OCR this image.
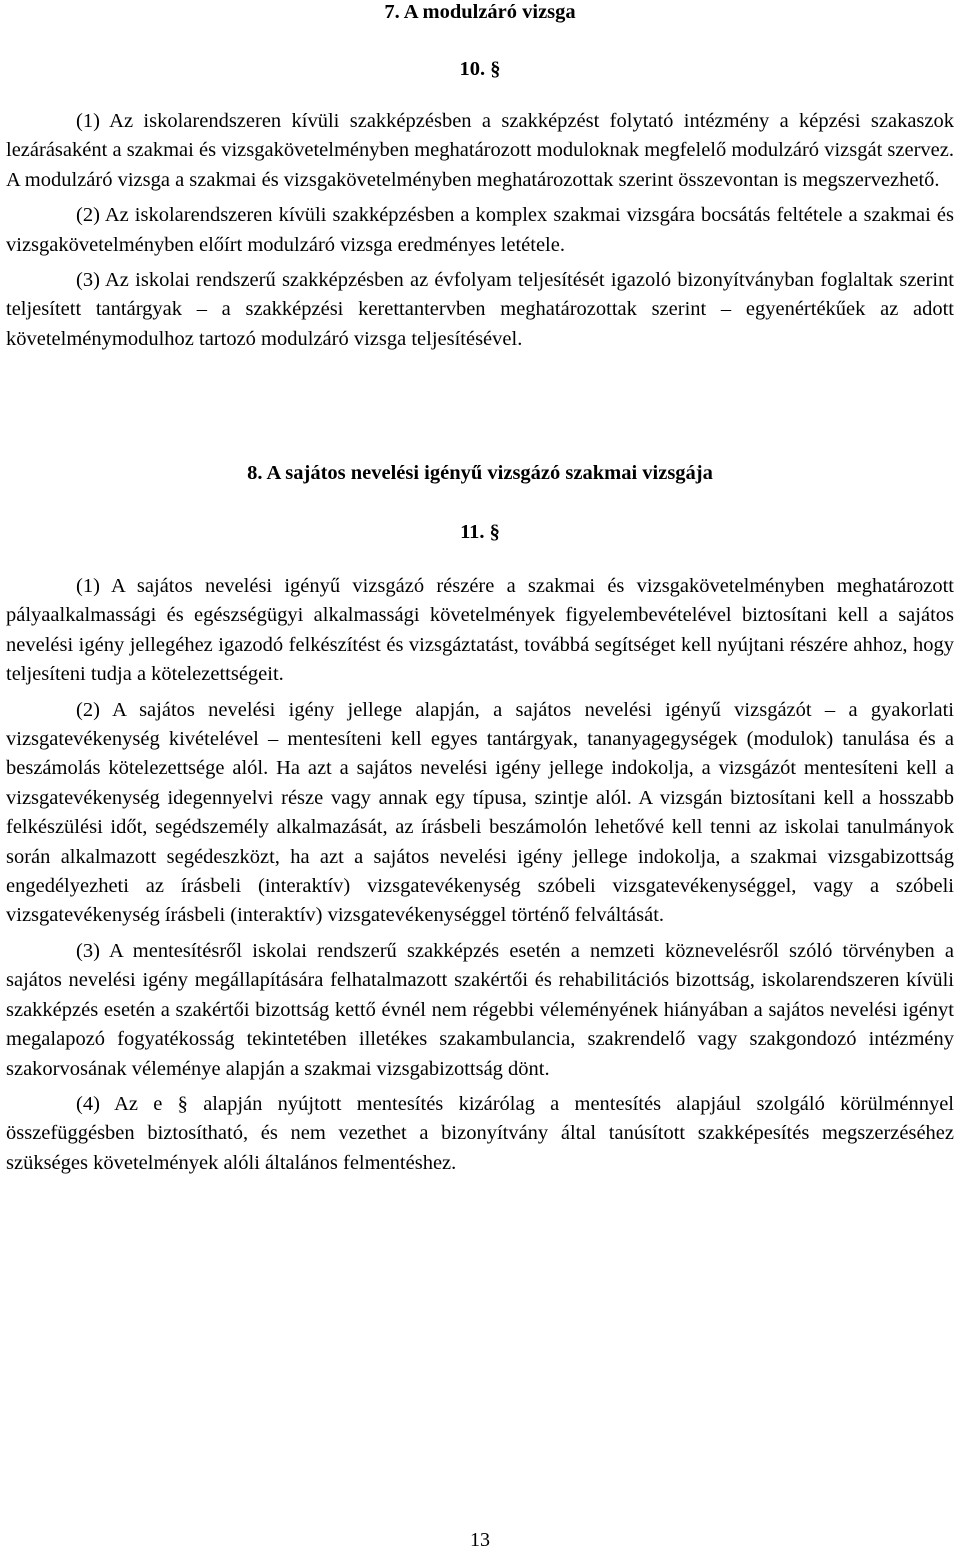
7. A modulzáró vizsga
10. §

(1) Az iskolarendszeren kívüli szakképzésben a szakképzést folytató intézmény a képzési szakaszok lezárásaként a szakmai és vizsgakövetelményben meghatározott moduloknak megfelelő modulzáró vizsgát szervez. A modulzáró vizsga a szakmai és vizsgakövetelményben meghatározottak szerint összevontan is megszervezhető.

(2) Az iskolarendszeren kívüli szakképzésben a komplex szakmai vizsgára bocsátás feltétele a szakmai és vizsgakövetelményben előírt modulzáró vizsga eredményes letétele.

(3) Az iskolai rendszerű szakképzésben az évfolyam teljesítését igazoló bizonyítványban foglaltak szerint teljesített tantárgyak – a szakképzési kerettantervben meghatározottak szerint – egyenértékűek az adott követelménymodulhoz tartozó modulzáró vizsga teljesítésével.

8. A sajátos nevelési igényű vizsgázó szakmai vizsgája
11. §

(1) A sajátos nevelési igényű vizsgázó részére a szakmai és vizsgakövetelményben meghatározott pályaalkalmassági és egészségügyi alkalmassági követelmények figyelembevételével biztosítani kell a sajátos nevelési igény jellegéhez igazodó felkészítést és vizsgáztatást, továbbá segítséget kell nyújtani részére ahhoz, hogy teljesíteni tudja a kötelezettségeit.

(2) A sajátos nevelési igény jellege alapján, a sajátos nevelési igényű vizsgázót – a gyakorlati vizsgatevékenység kivételével – mentesíteni kell egyes tantárgyak, tananyagegységek (modulok) tanulása és a beszámolás kötelezettsége alól. Ha azt a sajátos nevelési igény jellege indokolja, a vizsgázót mentesíteni kell a vizsgatevékenység idegennyelvi része vagy annak egy típusa, szintje alól. A vizsgán biztosítani kell a hosszabb felkészülési időt, segédszemély alkalmazását, az írásbeli beszámolón lehetővé kell tenni az iskolai tanulmányok során alkalmazott segédeszközt, ha azt a sajátos nevelési igény jellege indokolja, a szakmai vizsgabizottság engedélyezheti az írásbeli (interaktív) vizsgatevékenység szóbeli vizsgatevékenységgel, vagy a szóbeli vizsgatevékenység írásbeli (interaktív) vizsgatevékenységgel történő felváltását.

(3) A mentesítésről iskolai rendszerű szakképzés esetén a nemzeti köznevelésről szóló törvényben a sajátos nevelési igény megállapítására felhatalmazott szakértői és rehabilitációs bizottság, iskolarendszeren kívüli szakképzés esetén a szakértői bizottság kettő évnél nem régebbi véleményének hiányában a sajátos nevelési igényt megalapozó fogyatékosság tekintetében illetékes szakambulancia, szakrendelő vagy szakgondozó intézmény szakorvosának véleménye alapján a szakmai vizsgabizottság dönt.

(4) Az e § alapján nyújtott mentesítés kizárólag a mentesítés alapjául szolgáló körülménnyel összefüggésben biztosítható, és nem vezethet a bizonyítvány által tanúsított szakképesítés megszerzéséhez szükséges követelmények alóli általános felmentéshez.

13
